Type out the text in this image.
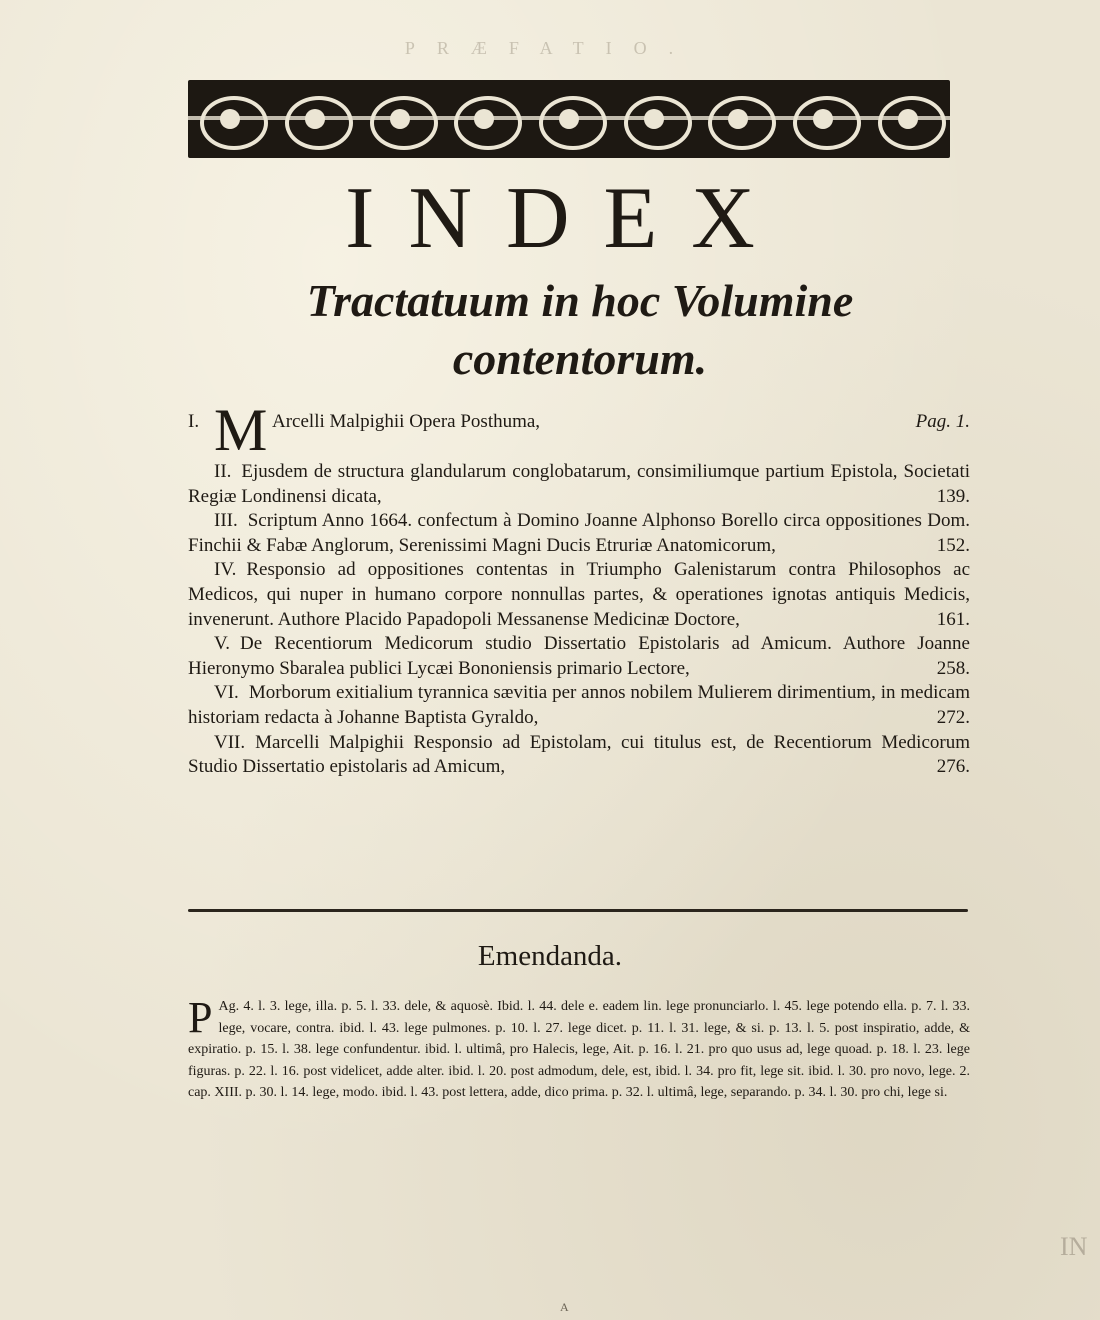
PRÆFATIO.
INDEX
Tractatuum in hoc Volumine contentorum.
I. M Arcelli Malpighii Opera Posthuma,	Pag. 1.

II. Ejusdem de structura glandularum conglobatarum, consimiliumque partium Epistola, Societati Regiæ Londinensi dicata,	139.

III. Scriptum Anno 1664. confectum à Domino Joanne Alphonso Borello circa oppositiones Dom. Finchii & Fabæ Anglorum, Serenissimi Magni Ducis Etruriæ Anatomicorum,	152.

IV. Responsio ad oppositiones contentas in Triumpho Galenistarum contra Philosophos ac Medicos, qui nuper in humano corpore nonnullas partes, & operationes ignotas antiquis Medicis, invenerunt. Authore Placido Papadopoli Messanense Medicinæ Doctore,	161.

V. De Recentiorum Medicorum studio Dissertatio Epistolaris ad Amicum. Authore Joanne Hieronymo Sbaralea publici Lycæi Bononiensis primario Lectore,	258.

VI. Morborum exitialium tyrannica sævitia per annos nobilem Mulierem dirimentium, in medicam historiam redacta à Johanne Baptista Gyraldo,	272.

VII. Marcelli Malpighii Responsio ad Epistolam, cui titulus est, de Recentiorum Medicorum Studio Dissertatio epistolaris ad Amicum,	276.

Emendanda.
P Ag. 4. l. 3. lege, illa. p. 5. l. 33. dele, & aquosè. Ibid. l. 44. dele e. eadem lin. lege pronunciarlo. l. 45. lege potendo ella. p. 7. l. 33. lege, vocare, contra. ibid. l. 43. lege pulmones. p. 10. l. 27. lege dicet. p. 11. l. 31. lege, & si. p. 13. l. 5. post inspiratio, adde, & expiratio. p. 15. l. 38. lege confundentur. ibid. l. ultimâ, pro Halecis, lege, Ait. p. 16. l. 21. pro quo usus ad, lege quoad. p. 18. l. 23. lege figuras. p. 22. l. 16. post videlicet, adde alter. ibid. l. 20. post admodum, dele, est, ibid. l. 34. pro fit, lege sit. ibid. l. 30. pro novo, lege. 2. cap. XIII. p. 30. l. 14. lege, modo. ibid. l. 43. post lettera, adde, dico prima. p. 32. l. ultimâ, lege, separando. p. 34. l. 30. pro chi, lege si.
IN
A
